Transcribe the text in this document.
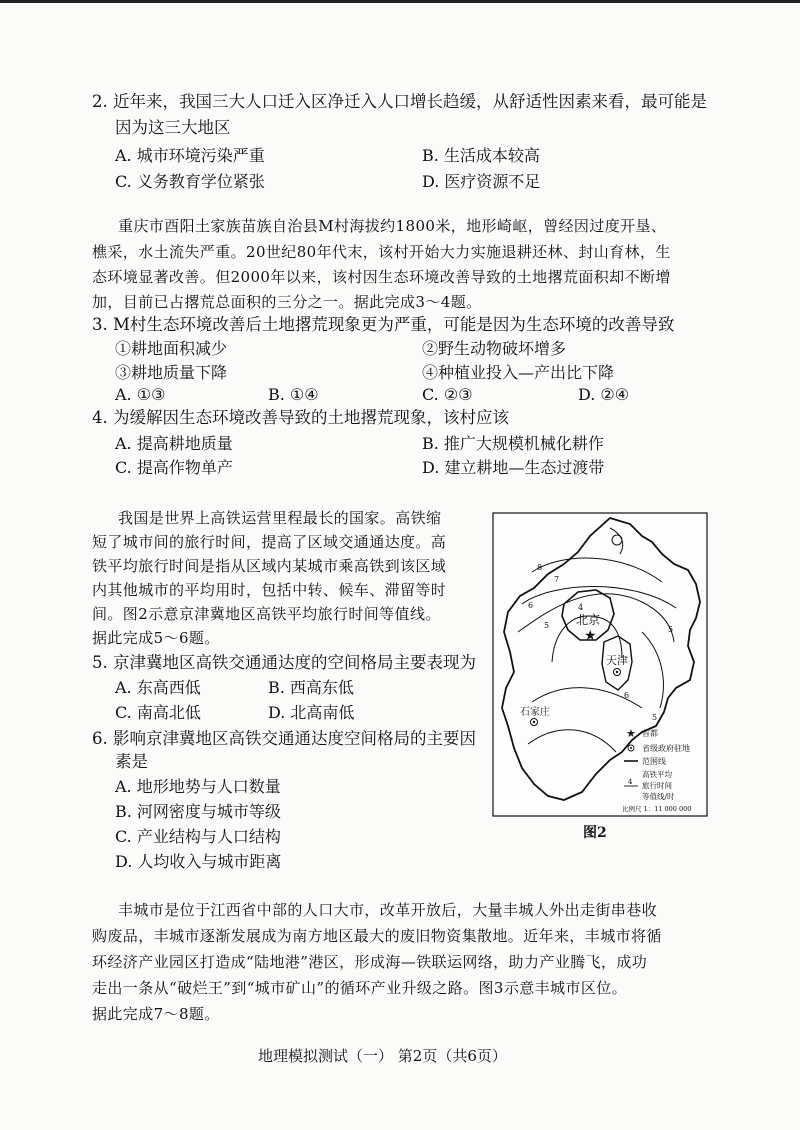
2. 近年来，我国三大人口迁入区净迁入人口增长趋缓，从舒适性因素来看，最可能是
因为这三大地区
A. 城市环境污染严重	B. 生活成本较高
C. 义务教育学位紧张	D. 医疗资源不足
重庆市酉阳土家族苗族自治县M村海拔约1800米，地形崎岖，曾经因过度开垦、
樵采，水土流失严重。20世纪80年代末，该村开始大力实施退耕还林、封山育林，生
态环境显著改善。但2000年以来，该村因生态环境改善导致的土地撂荒面积却不断增
加，目前已占撂荒总面积的三分之一。据此完成3～4题。
3. M村生态环境改善后土地撂荒现象更为严重，可能是因为生态环境的改善导致
①耕地面积减少	②野生动物破坏增多
③耕地质量下降	④种植业投入—产出比下降
A. ①③	B. ①④	C. ②③	D. ②④
4. 为缓解因生态环境改善导致的土地撂荒现象，该村应该
A. 提高耕地质量	B. 推广大规模机械化耕作
C. 提高作物单产	D. 建立耕地—生态过渡带
我国是世界上高铁运营里程最长的国家。高铁缩
短了城市间的旅行时间，提高了区域交通通达度。高
铁平均旅行时间是指从区域内某城市乘高铁到该区域
内其他城市的平均用时，包括中转、候车、滞留等时
间。图2示意京津冀地区高铁平均旅行时间等值线。
据此完成5～6题。
5. 京津冀地区高铁交通通达度的空间格局主要表现为
A. 东高西低	B. 西高东低
C. 南高北低	D. 北高南低
6. 影响京津冀地区高铁交通通达度空间格局的主要因
素是
A. 地形地势与人口数量
B. 河网密度与城市等级
C. 产业结构与人口结构
D. 人均收入与城市距离
8
7
6
5
4
5
6
5
北京
★
天津
石家庄
★ 首都
省级政府驻地
范围线
高铁平均
4 旅行时间
等值线/时
比例尺 1：11 000 000
图2
丰城市是位于江西省中部的人口大市，改革开放后，大量丰城人外出走街串巷收
购废品，丰城市逐渐发展成为南方地区最大的废旧物资集散地。近年来，丰城市将循
环经济产业园区打造成“陆地港”港区，形成海—铁联运网络，助力产业腾飞，成功
走出一条从“破烂王”到“城市矿山”的循环产业升级之路。图3示意丰城市区位。
据此完成7～8题。
地理模拟测试（一） 第2页（共6页）
